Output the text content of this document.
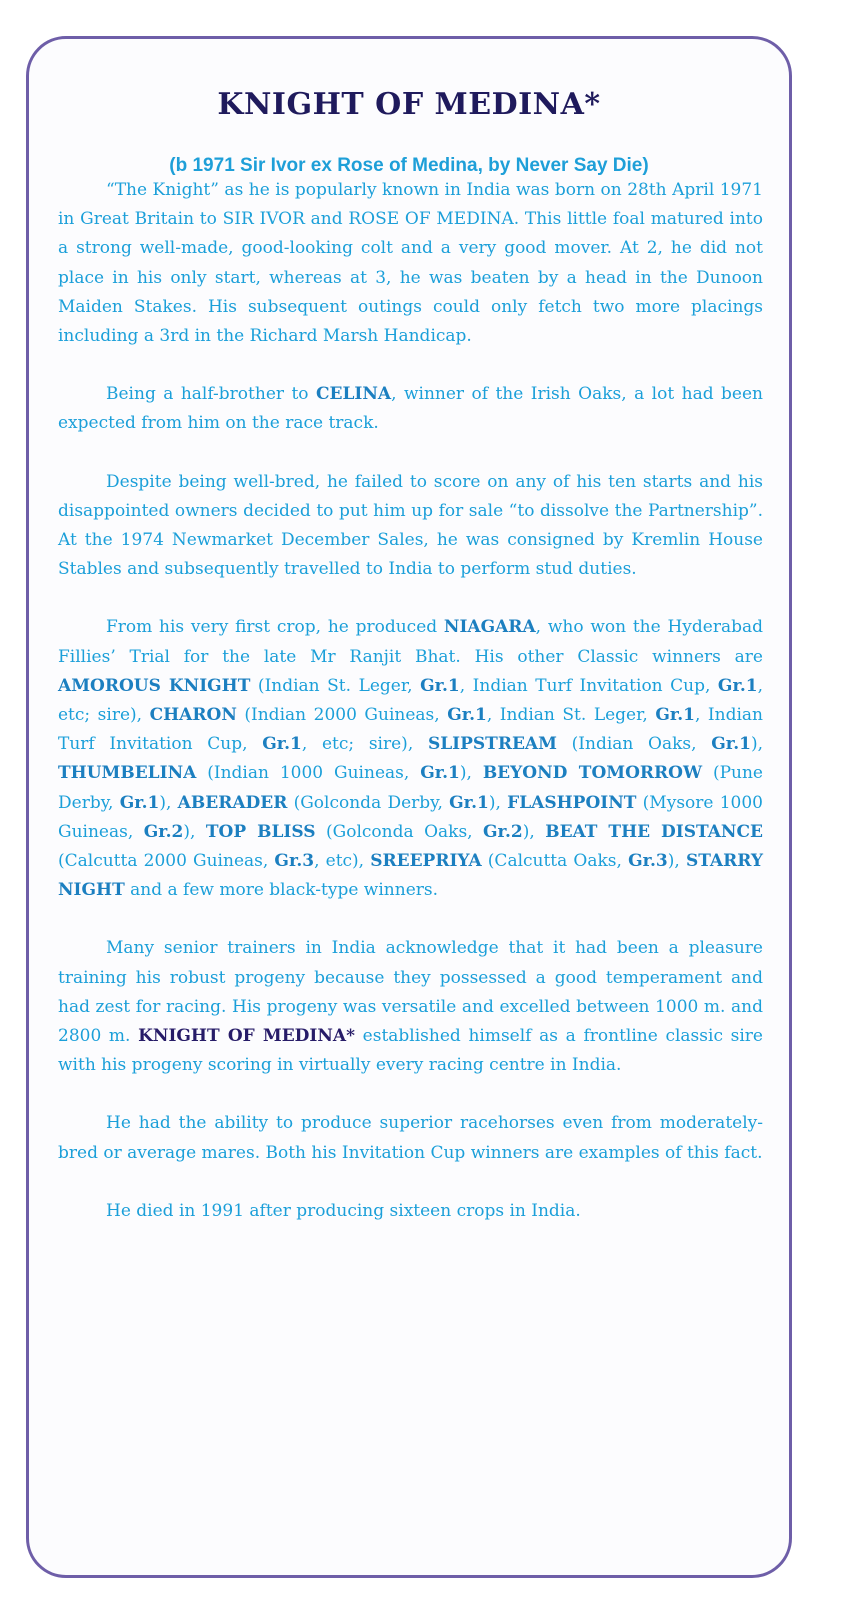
KNIGHT OF MEDINA*
(b 1971 Sir Ivor ex Rose of Medina, by Never Say Die)

“The Knight” as he is popularly known in India was born on 28th April 1971 in Great Britain to SIR IVOR and ROSE OF MEDINA. This little foal matured into a strong well-made, good-looking colt and a very good mover. At 2, he did not place in his only start, whereas at 3, he was beaten by a head in the Dunoon Maiden Stakes. His subsequent outings could only fetch two more placings including a 3rd in the Richard Marsh Handicap.

Being a half-brother to CELINA, winner of the Irish Oaks, a lot had been expected from him on the race track.

Despite being well-bred, he failed to score on any of his ten starts and his disappointed owners decided to put him up for sale “to dissolve the Partnership”. At the 1974 Newmarket December Sales, he was consigned by Kremlin House Stables and subsequently travelled to India to perform stud duties.

From his very first crop, he produced NIAGARA, who won the Hyderabad Fillies’ Trial for the late Mr Ranjit Bhat. His other Classic winners are AMOROUS KNIGHT (Indian St. Leger, Gr.1, Indian Turf Invitation Cup, Gr.1, etc; sire), CHARON (Indian 2000 Guineas, Gr.1, Indian St. Leger, Gr.1, Indian Turf Invitation Cup, Gr.1, etc; sire), SLIPSTREAM (Indian Oaks, Gr.1), THUMBELINA (Indian 1000 Guineas, Gr.1), BEYOND TOMORROW (Pune Derby, Gr.1), ABERADER (Golconda Derby, Gr.1), FLASHPOINT (Mysore 1000 Guineas, Gr.2), TOP BLISS (Golconda Oaks, Gr.2), BEAT THE DISTANCE (Calcutta 2000 Guineas, Gr.3, etc), SREEPRIYA (Calcutta Oaks, Gr.3), STARRY NIGHT and a few more black-type winners.

Many senior trainers in India acknowledge that it had been a pleasure training his robust progeny because they possessed a good temperament and had zest for racing. His progeny was versatile and excelled between 1000 m. and 2800 m. KNIGHT OF MEDINA* established himself as a frontline classic sire with his progeny scoring in virtually every racing centre in India.

He had the ability to produce superior racehorses even from moderately-bred or average mares. Both his Invitation Cup winners are examples of this fact.

He died in 1991 after producing sixteen crops in India.
